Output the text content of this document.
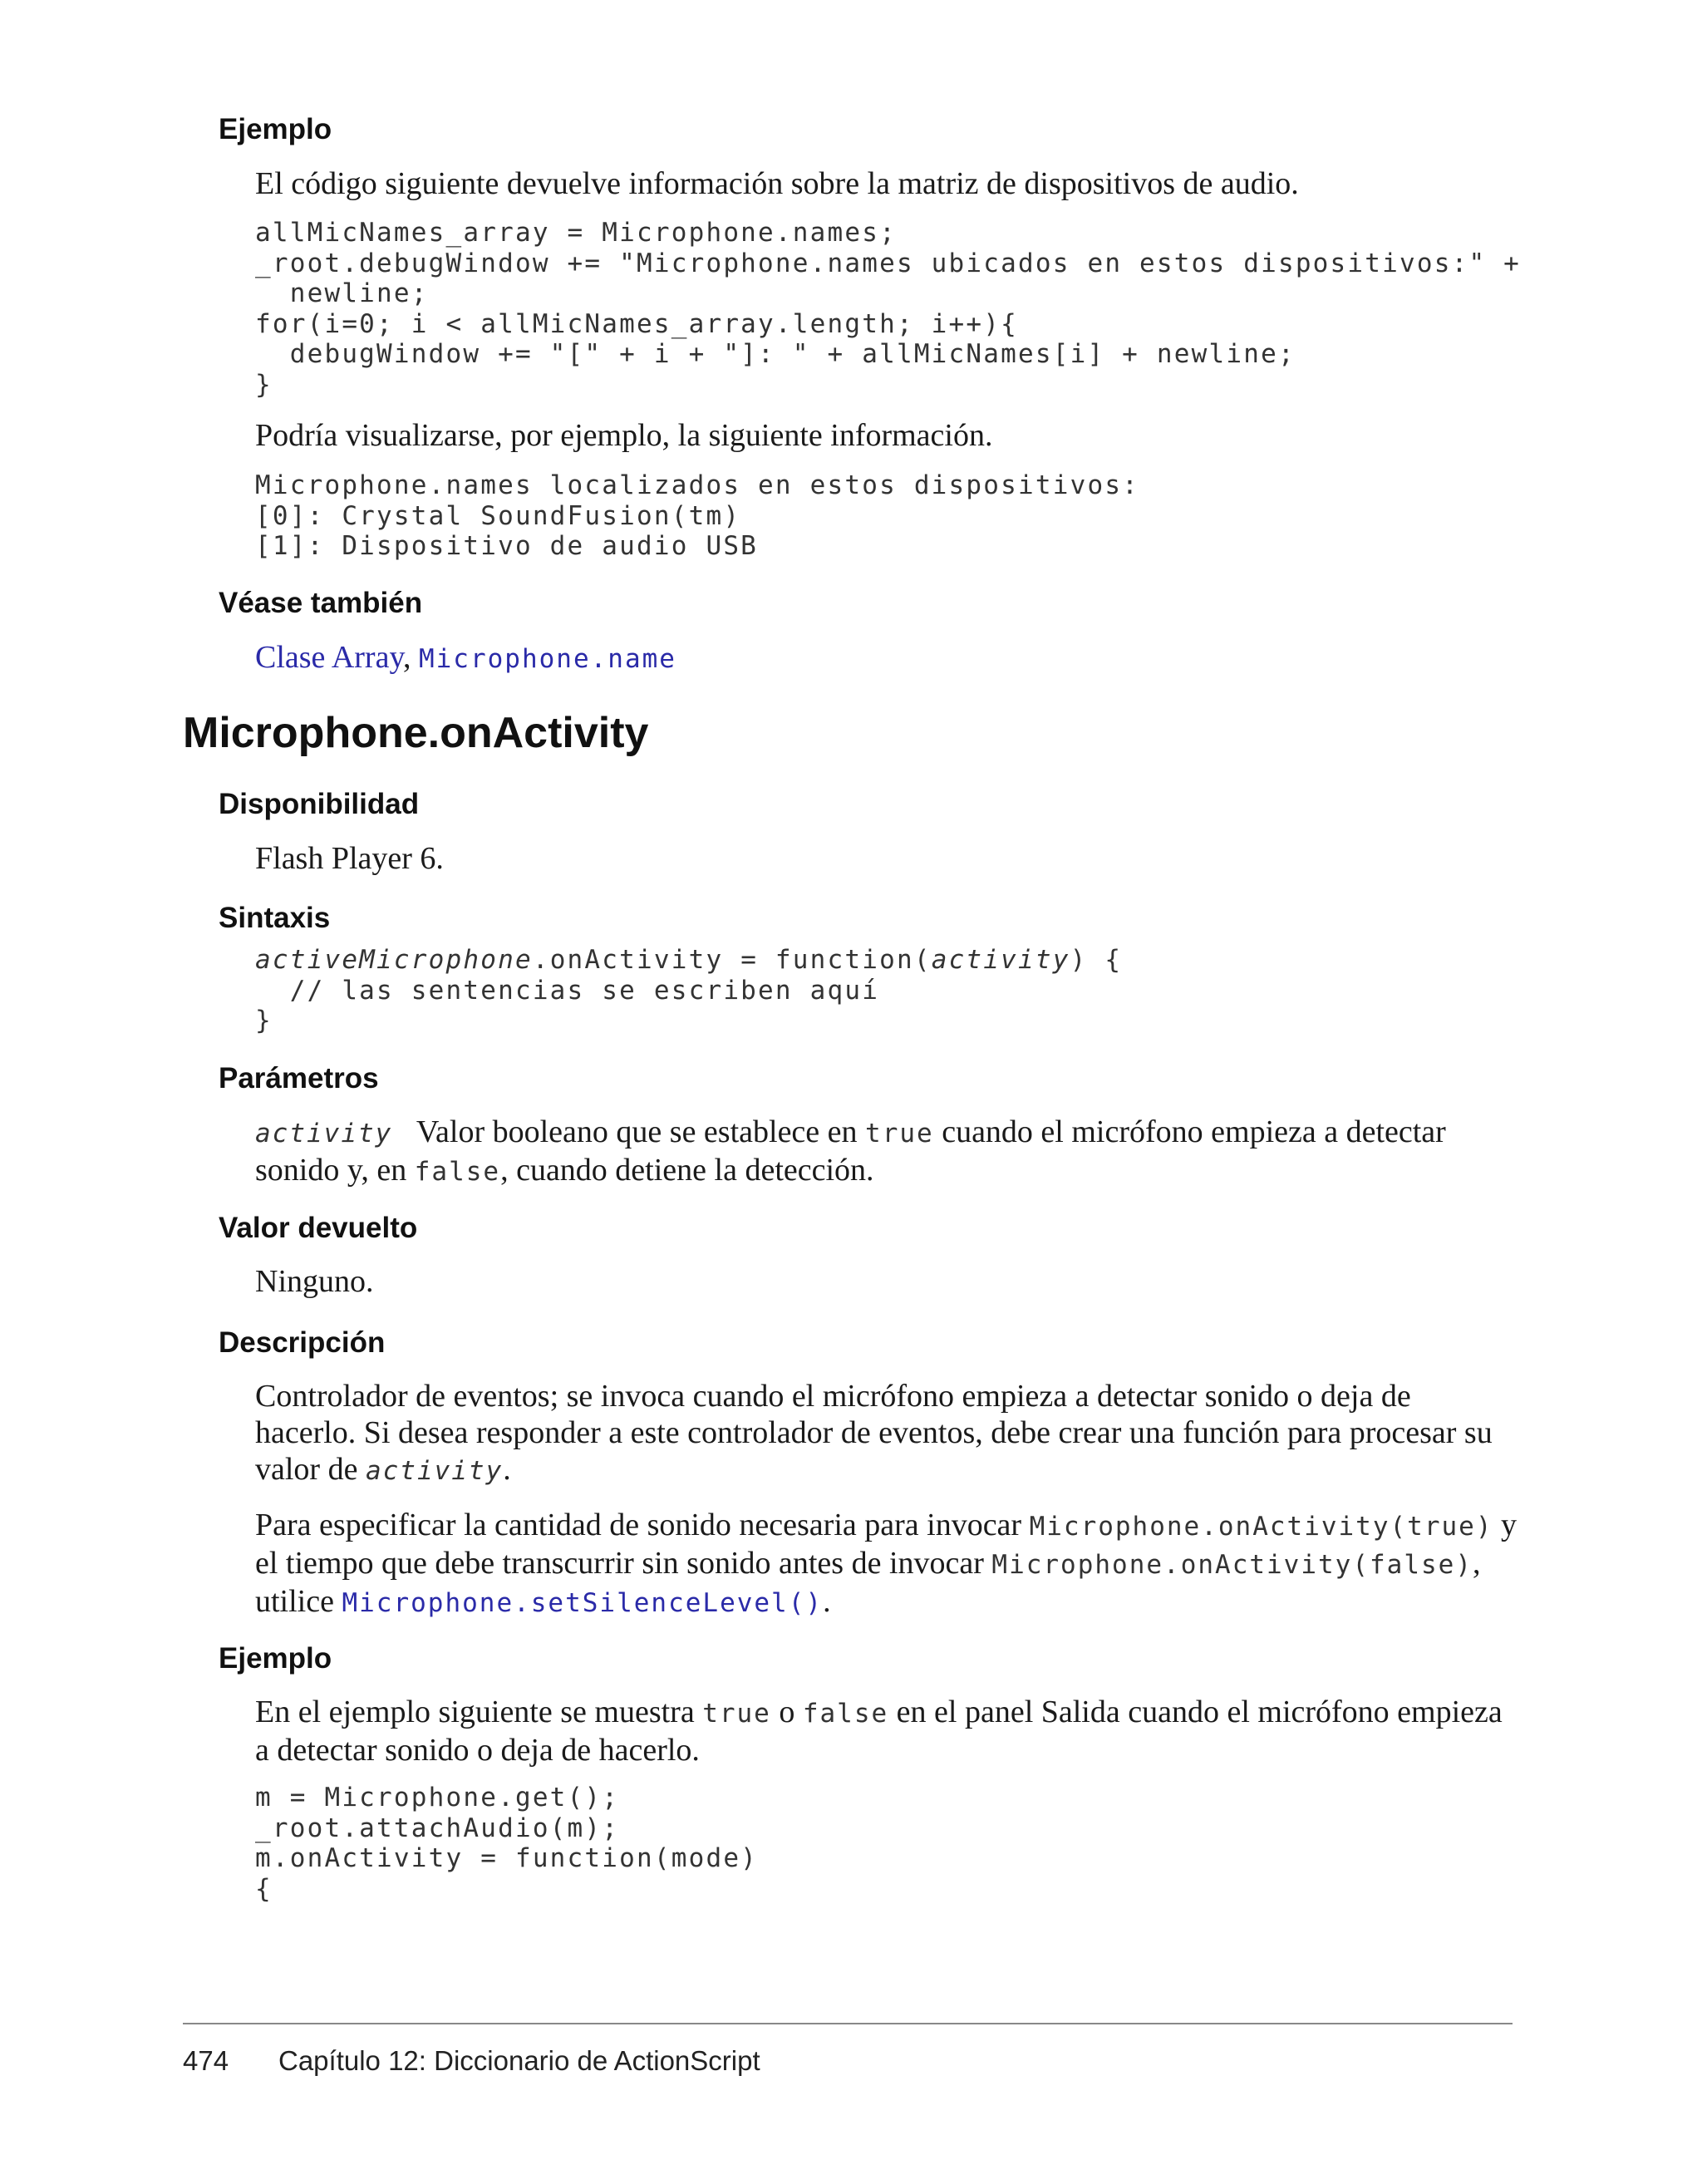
Ejemplo

El código siguiente devuelve información sobre la matriz de dispositivos de audio.

allMicNames_array = Microphone.names;
_root.debugWindow += "Microphone.names ubicados en estos dispositivos:" +
newline;
for(i=0; i < allMicNames_array.length; i++){
debugWindow += "[" + i + "]: " + allMicNames[i] + newline;
}

Podría visualizarse, por ejemplo, la siguiente información.

Microphone.names localizados en estos dispositivos:
[0]: Crystal SoundFusion(tm)
[1]: Dispositivo de audio USB
Véase también

Clase Array, Microphone.name

Microphone.onActivity
Disponibilidad

Flash Player 6.

Sintaxis
activeMicrophone.onActivity = function(activity) {
// las sentencias se escriben aquí
}
Parámetros

activity Valor booleano que se establece en true cuando el micrófono empieza a detectar sonido y, en false, cuando detiene la detección.

Valor devuelto

Ninguno.

Descripción

Controlador de eventos; se invoca cuando el micrófono empieza a detectar sonido o deja de hacerlo. Si desea responder a este controlador de eventos, debe crear una función para procesar su valor de activity.

Para especificar la cantidad de sonido necesaria para invocar Microphone.onActivity(true) y el tiempo que debe transcurrir sin sonido antes de invocar Microphone.onActivity(false), utilice Microphone.setSilenceLevel().

Ejemplo

En el ejemplo siguiente se muestra true o false en el panel Salida cuando el micrófono empieza a detectar sonido o deja de hacerlo.

m = Microphone.get();
_root.attachAudio(m);
m.onActivity = function(mode)
{
474 Capítulo 12: Diccionario de ActionScript
